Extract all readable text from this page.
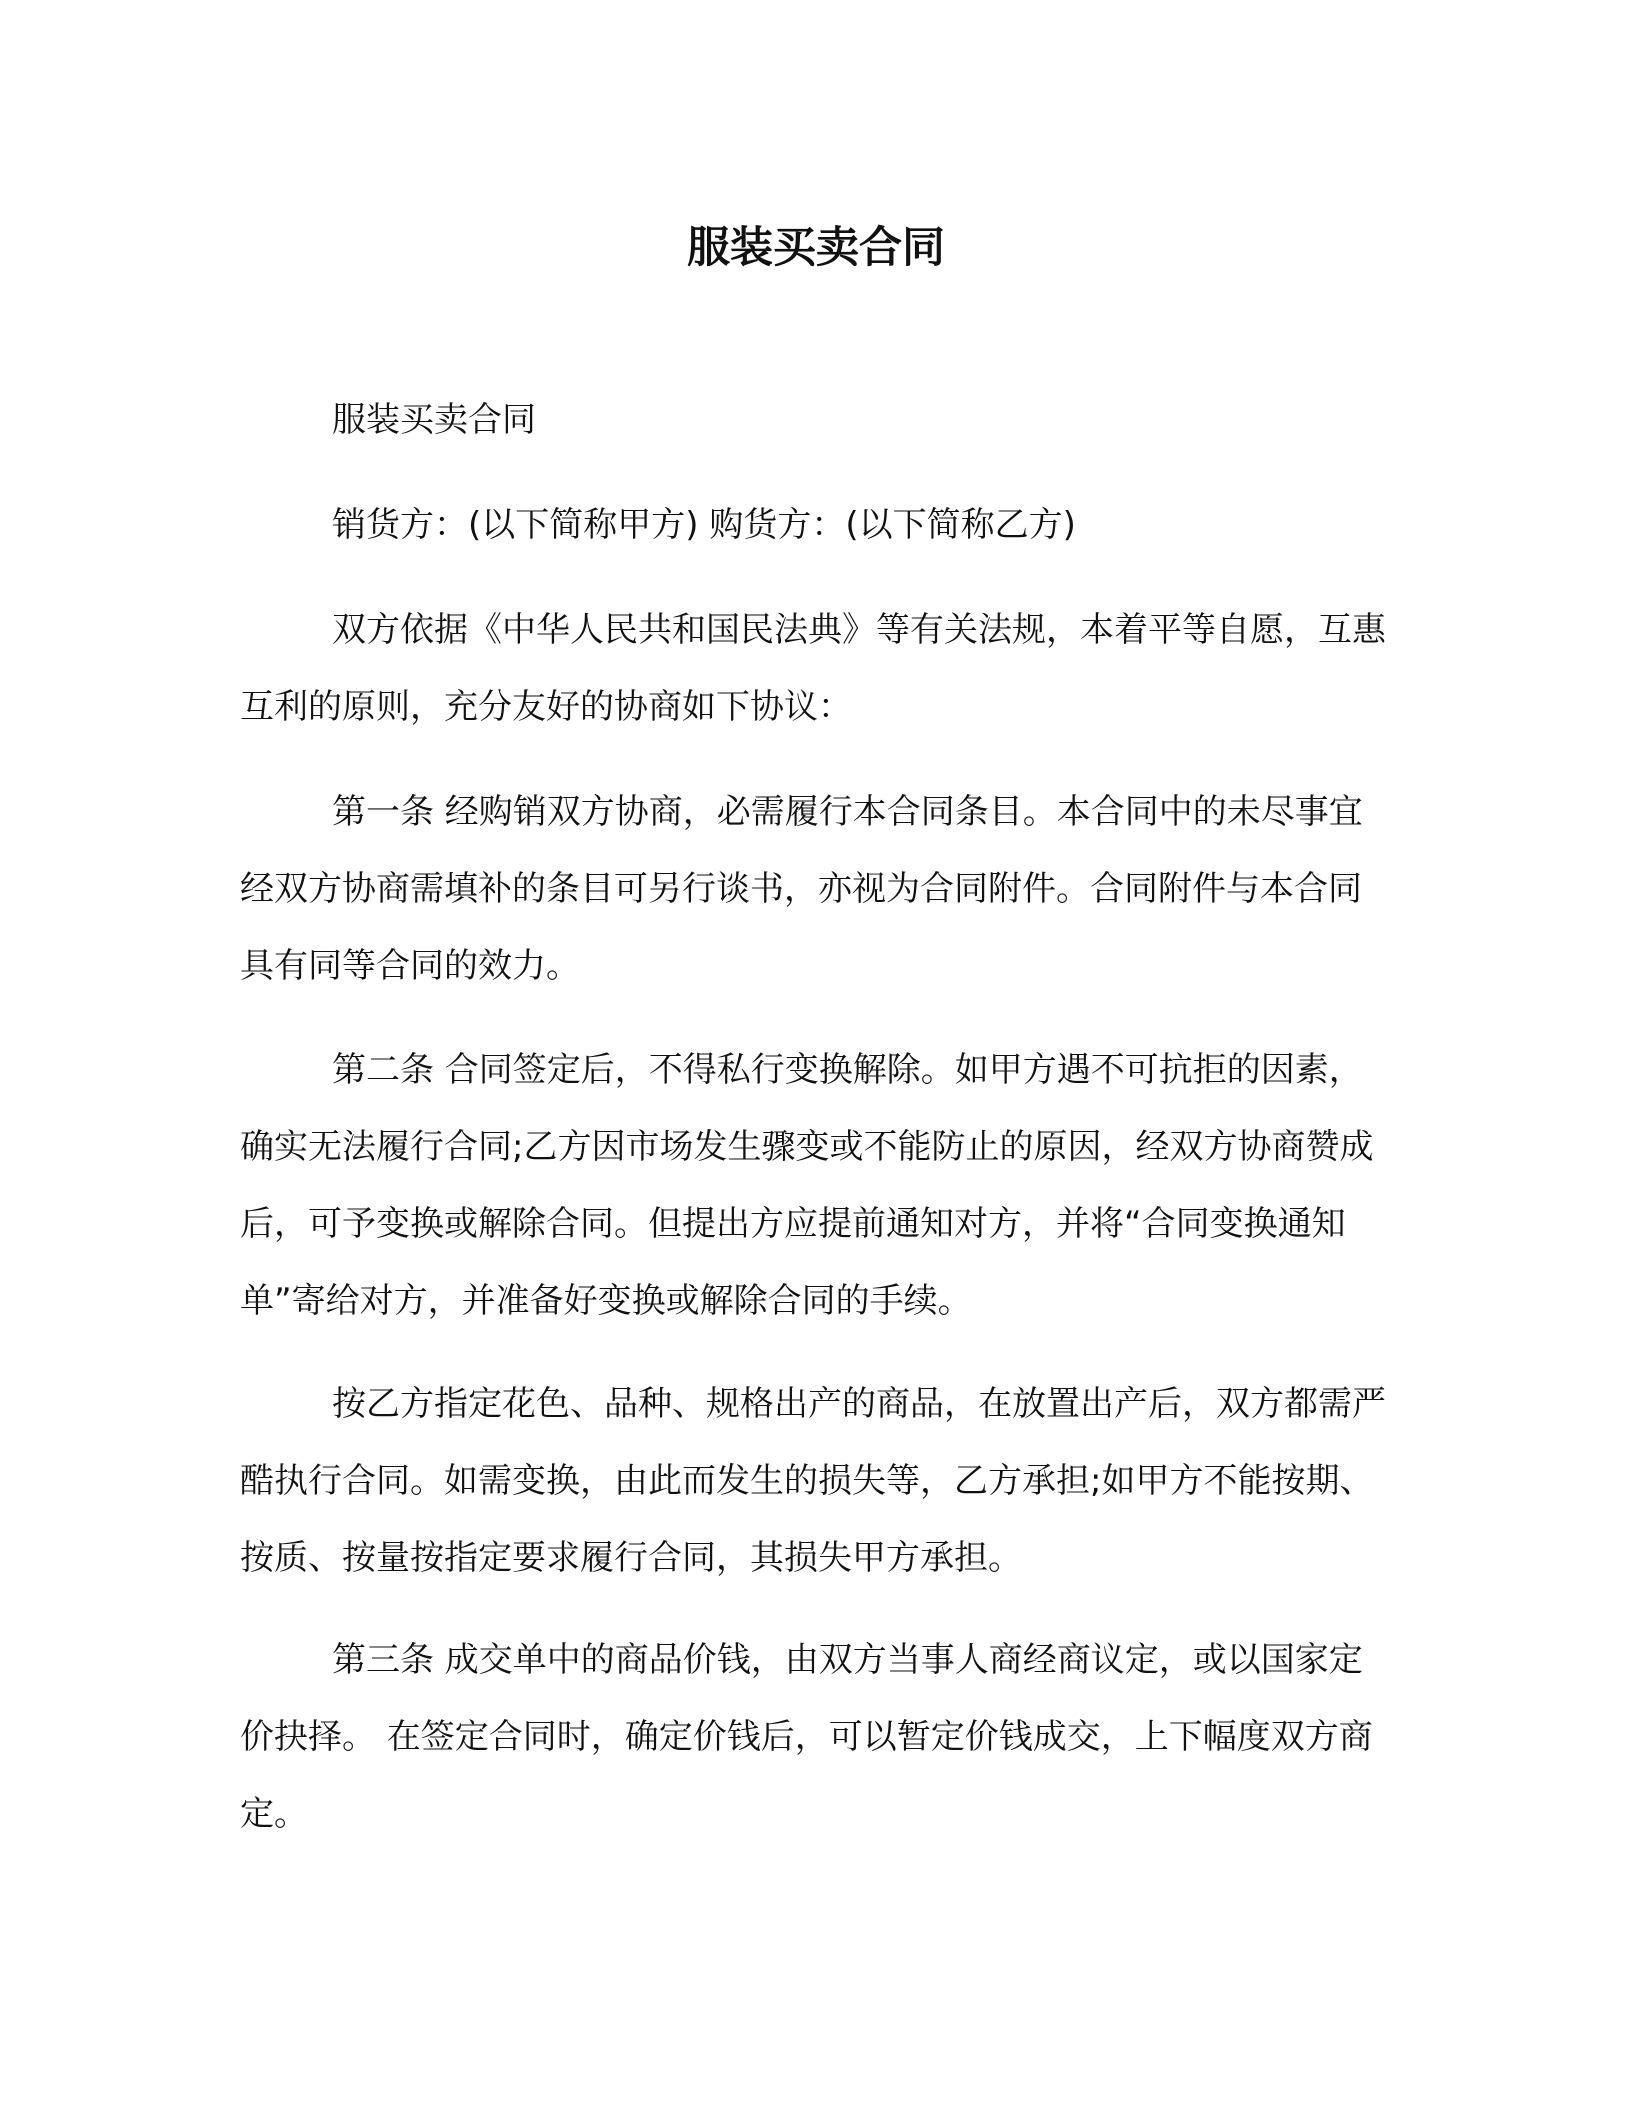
服装买卖合同

服装买卖合同

销货方：(以下简称甲方) 购货方：(以下简称乙方)

双方依据《中华人民共和国民法典》等有关法规，本着平等自愿，互惠互利的原则，充分友好的协商如下协议：

第一条 经购销双方协商，必需履行本合同条目。本合同中的未尽事宜经双方协商需填补的条目可另行谈书，亦视为合同附件。合同附件与本合同具有同等合同的效力。

第二条 合同签定后，不得私行变换解除。如甲方遇不可抗拒的因素，确实无法履行合同;乙方因市场发生骤变或不能防止的原因，经双方协商赞成后，可予变换或解除合同。但提出方应提前通知对方，并将“合同变换通知单”寄给对方，并准备好变换或解除合同的手续。

按乙方指定花色、品种、规格出产的商品，在放置出产后，双方都需严酷执行合同。如需变换，由此而发生的损失等，乙方承担;如甲方不能按期、按质、按量按指定要求履行合同，其损失甲方承担。

第三条 成交单中的商品价钱，由双方当事人商经商议定，或以国家定价抉择。 在签定合同时，确定价钱后，可以暂定价钱成交，上下幅度双方商定。
